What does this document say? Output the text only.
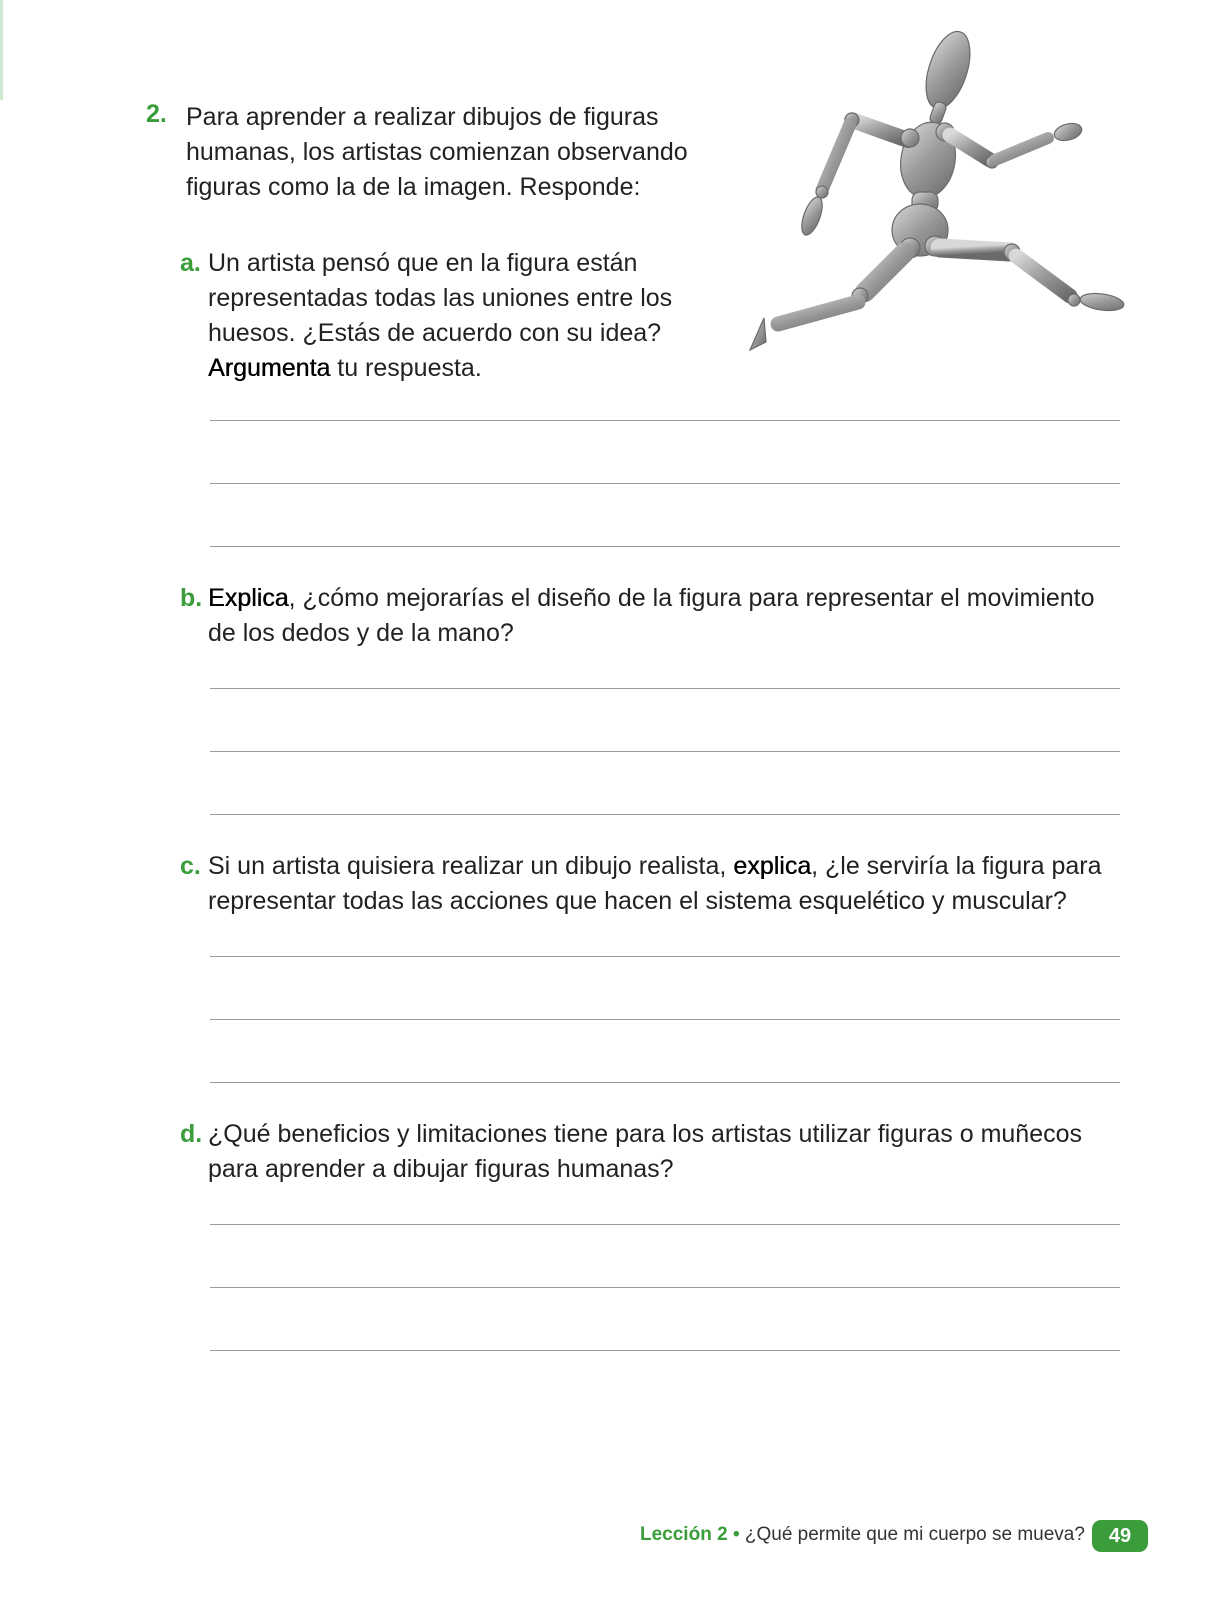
2. Para aprender a realizar dibujos de figuras humanas, los artistas comienzan observando figuras como la de la imagen. Responde:
a. Un artista pensó que en la figura están representadas todas las uniones entre los huesos. ¿Estás de acuerdo con su idea? Argumenta tu respuesta.
b. Explica, ¿cómo mejorarías el diseño de la figura para representar el movimiento de los dedos y de la mano?
c. Si un artista quisiera realizar un dibujo realista, explica, ¿le serviría la figura para representar todas las acciones que hacen el sistema esquelético y muscular?
d. ¿Qué beneficios y limitaciones tiene para los artistas utilizar figuras o muñecos para aprender a dibujar figuras humanas?
Lección 2 • ¿Qué permite que mi cuerpo se mueva?	49
